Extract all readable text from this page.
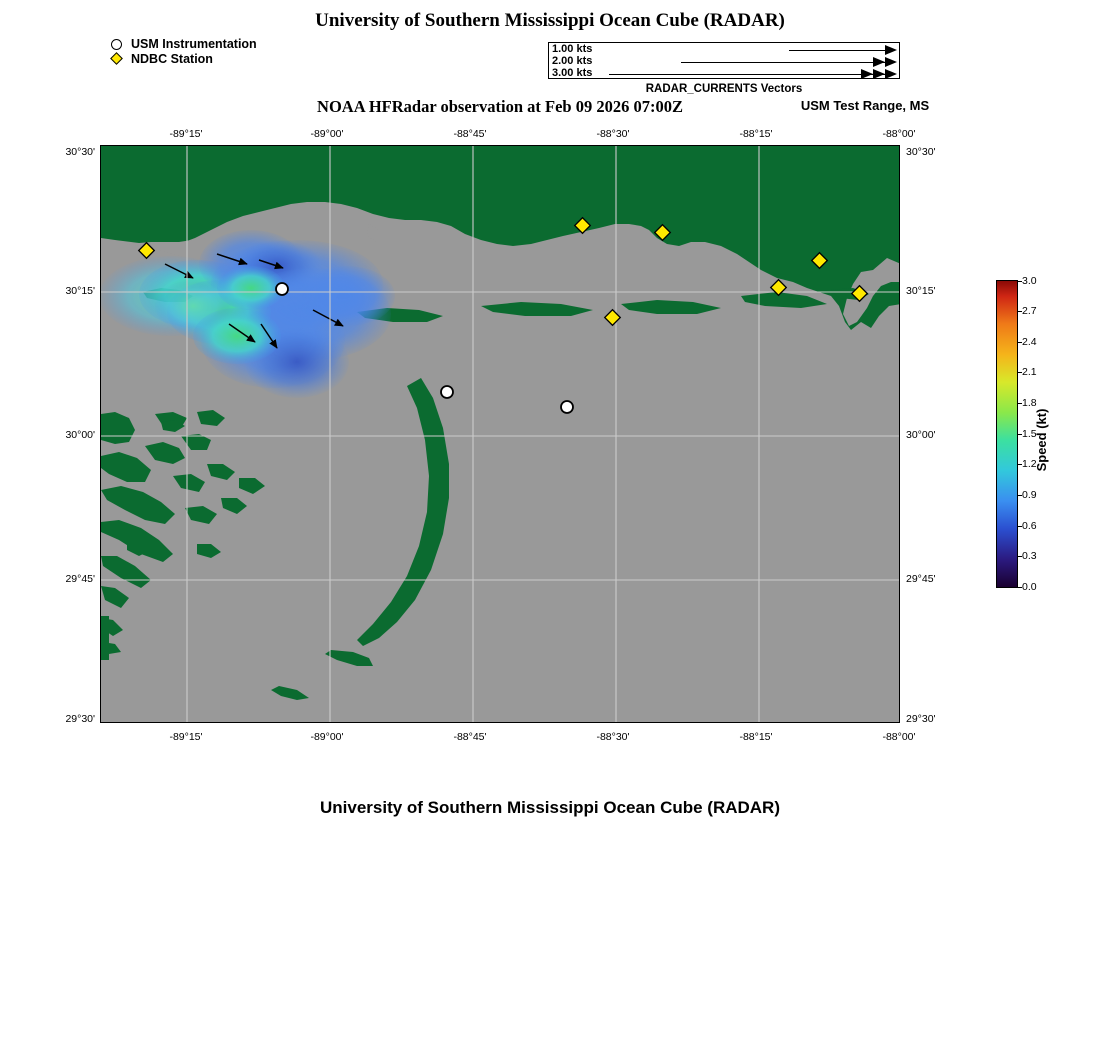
University of Southern Mississippi Ocean Cube (RADAR)
USM Instrumentation
NDBC Station
1.00 kts
2.00 kts
3.00 kts
RADAR_CURRENTS Vectors
NOAA HFRadar observation at Feb 09 2026 07:00Z	USM Test Range, MS
-89°15'	-89°00'	-88°45'	-88°30'	-88°15'	-88°00'
-89°15'	-89°00'	-88°45'	-88°30'	-88°15'	-88°00'
30°30'
30°15'
30°00'
29°45'
29°30'
30°30'
30°15'
30°00'
29°45'
29°30'
3.0
2.7
2.4
2.1
1.8
1.5
1.2
0.9
0.6
0.3
0.0
Speed (kt)
University of Southern Mississippi Ocean Cube (RADAR)
